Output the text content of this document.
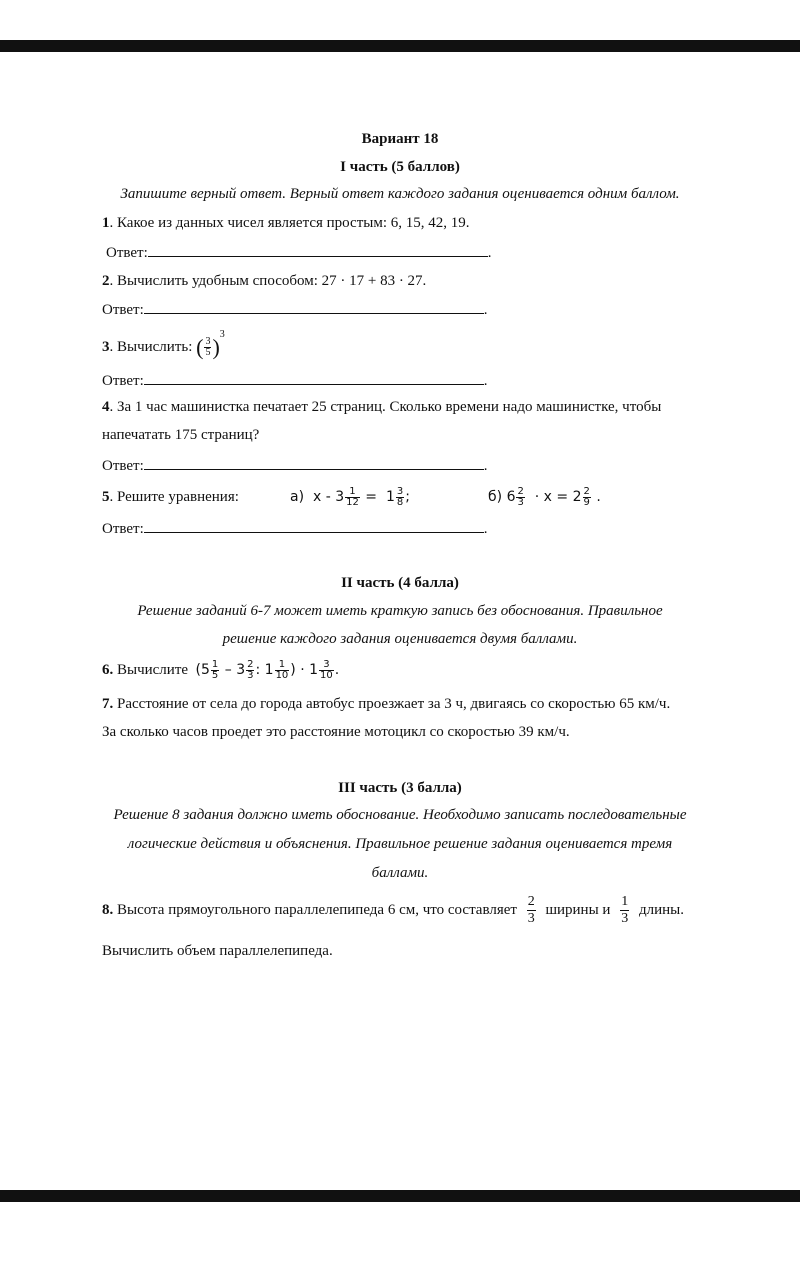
Вариант 18
I часть (5 баллов)
Запишите верный ответ. Верный ответ каждого задания оценивается одним баллом.
1. Какое из данных чисел является простым: 6, 15, 42, 19.
Ответ:	.
2. Вычислить удобным способом: 27 · 17 + 83 · 27.
Ответ:	.
3. Вычислить: ( $\frac{3}{5} )^3$
Ответ:	.
4. За 1 час машинистка печатает 25 страниц. Сколько времени надо машинистке, чтобы
напечатать 175 страниц?
Ответ:	.
5. Решите уравнения:	а) $х - 3 \frac{1}{12} = 1 \frac{3}{8}$ ;	б) $6 \frac{2}{3} \cdot х = 2 \frac{2}{9}$ .
Ответ:	.
II часть (4 балла)
Решение заданий 6-7 может иметь краткую запись без обоснования. Правильное
решение каждого задания оценивается двумя баллами.
6. Вычислите ($5 \frac{1}{5} - 3 \frac{2}{3}$ : $1 \frac{1}{10}$ ) · $1 \frac{3}{10}$ .
7. Расстояние от села до города автобус проезжает за 3 ч, двигаясь со скоростью 65 км/ч.
За сколько часов проедет это расстояние мотоцикл со скоростью 39 км/ч.
III часть (3 балла)
Решение 8 задания должно иметь обоснование. Необходимо записать последовательные
логические действия и объяснения. Правильное решение задания оценивается тремя
баллами.
8. Высота прямоугольного параллелепипеда 6 см, что составляет $\frac{2}{3}$ ширины и $\frac{1}{3}$ длины.
Вычислить объем параллелепипеда.
